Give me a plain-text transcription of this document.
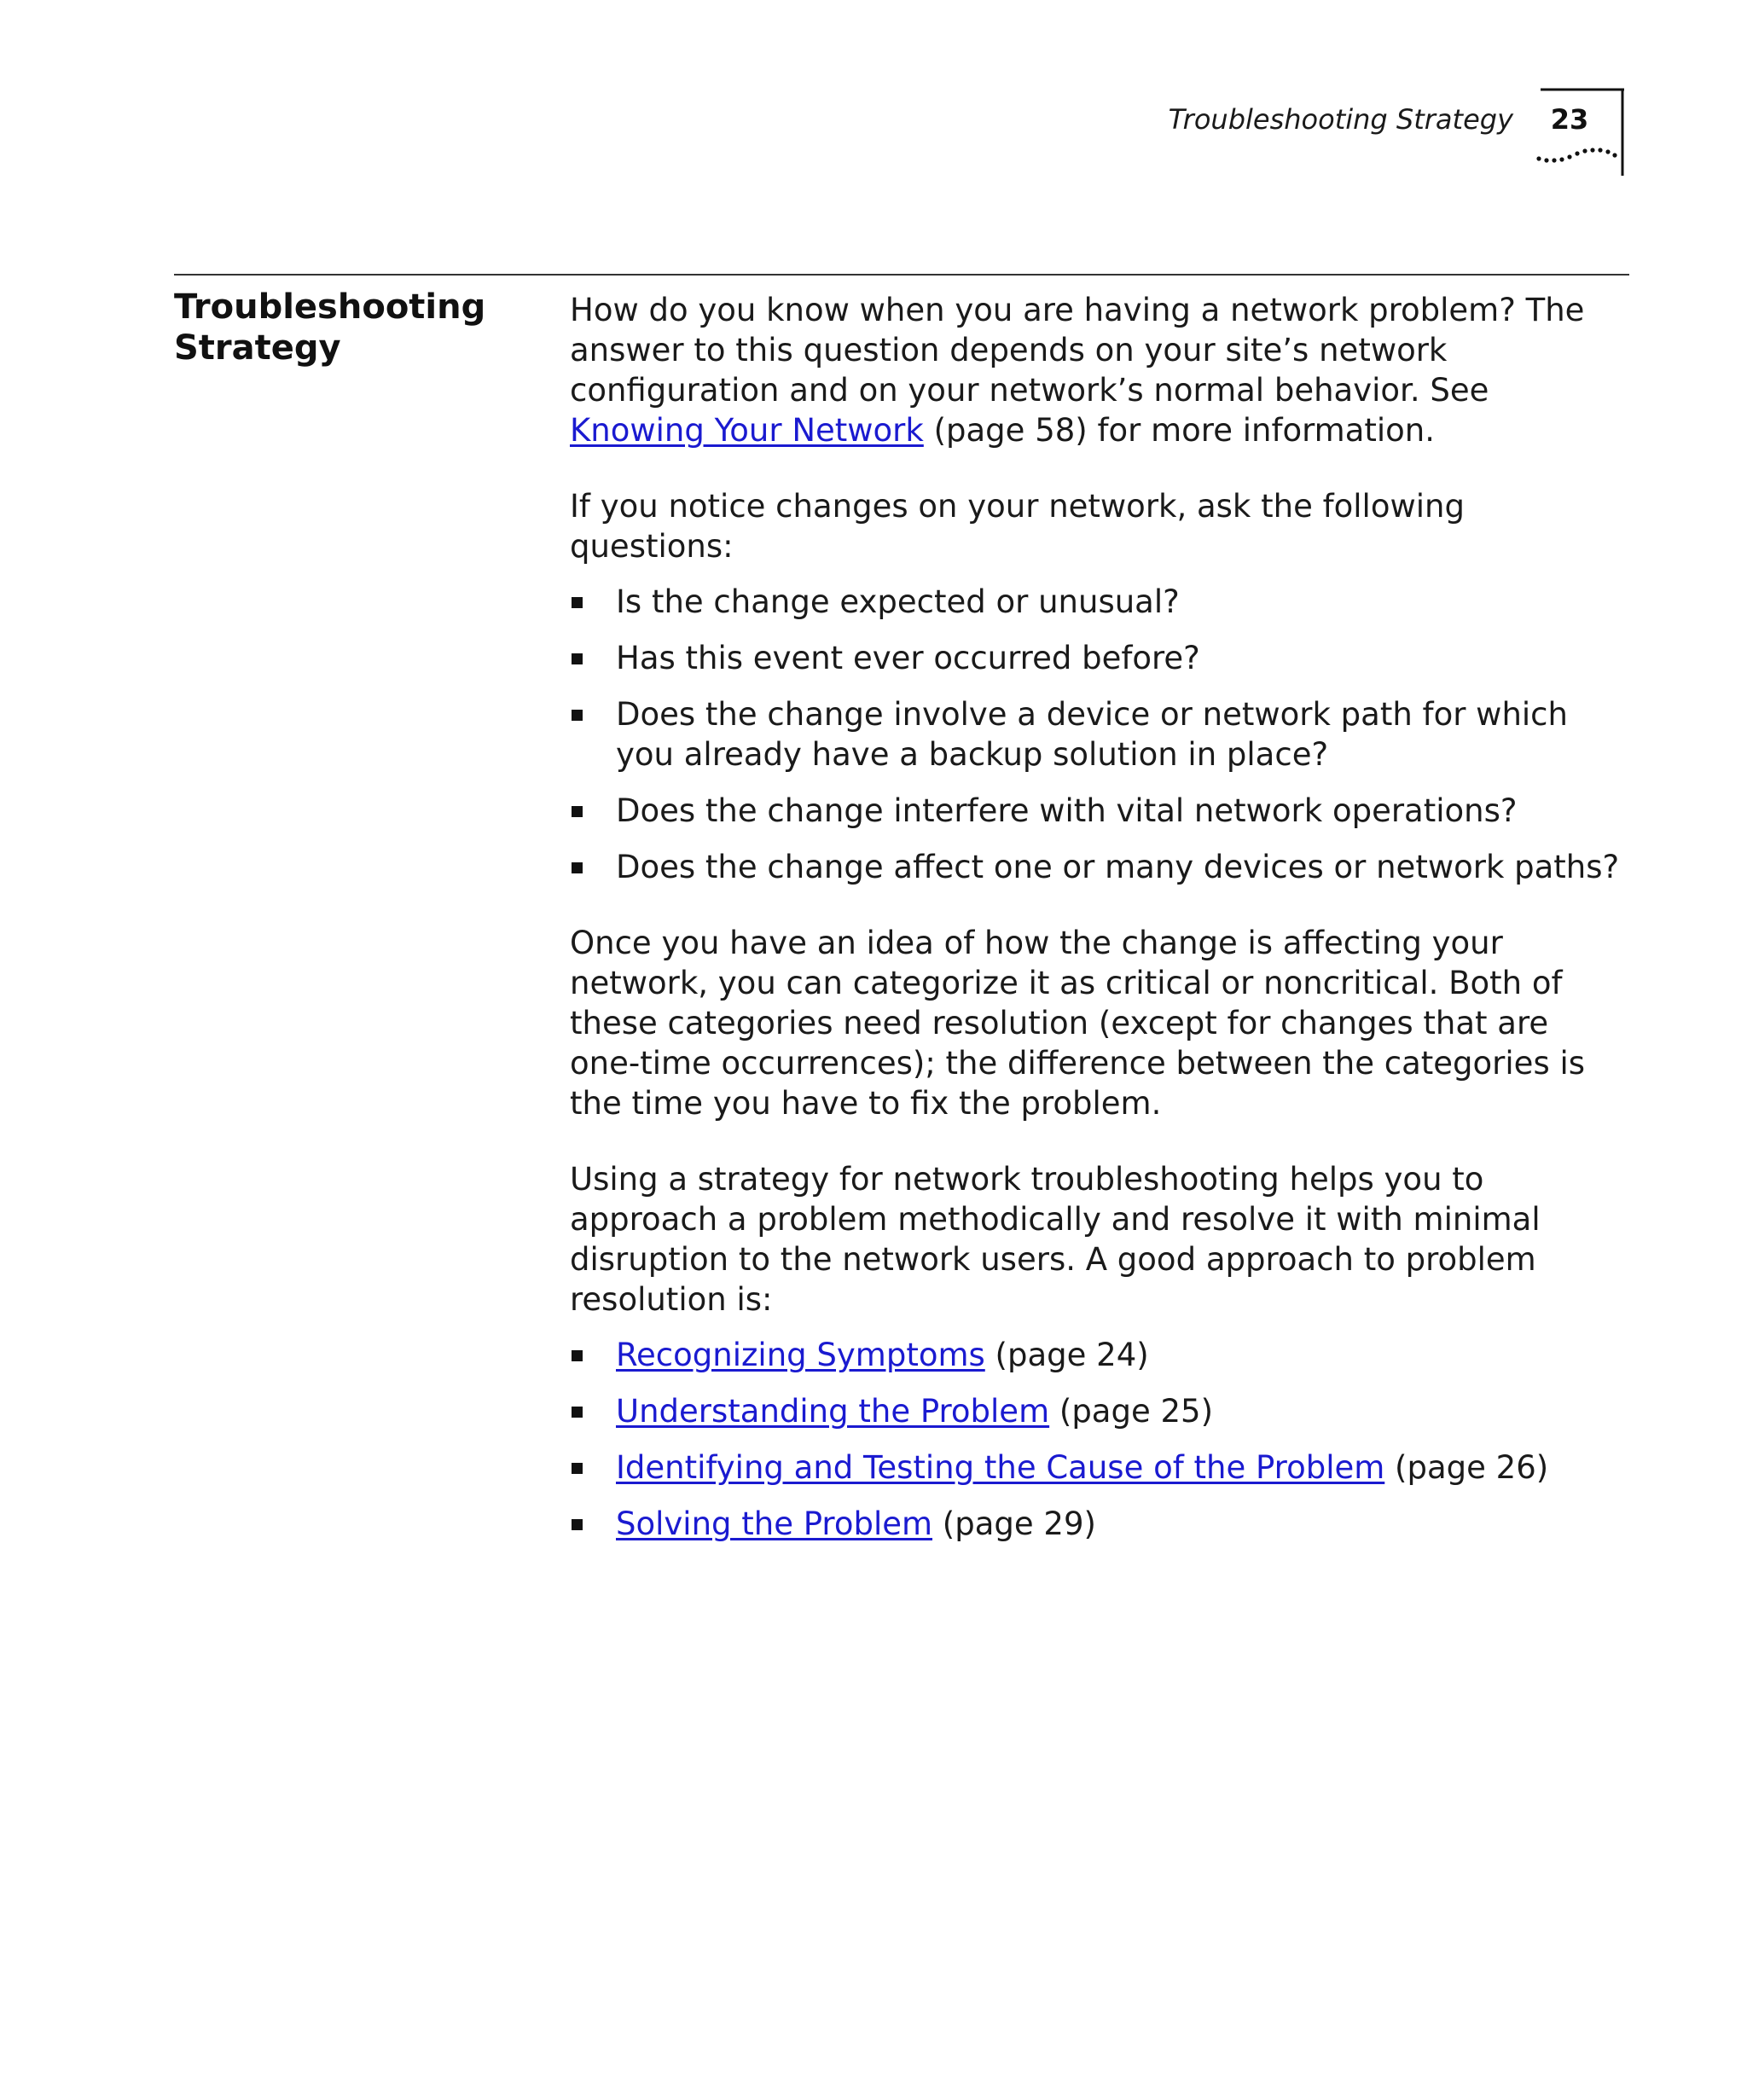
Troubleshooting Strategy	23
Troubleshooting
Strategy

How do you know when you are having a network problem? The answer to this question depends on your site’s network configuration and on your network’s normal behavior. See Knowing Your Network (page 58) for more information.

If you notice changes on your network, ask the following questions:

Is the change expected or unusual?
Has this event ever occurred before?
Does the change involve a device or network path for which you already have a backup solution in place?
Does the change interfere with vital network operations?
Does the change affect one or many devices or network paths?

Once you have an idea of how the change is affecting your network, you can categorize it as critical or noncritical. Both of these categories need resolution (except for changes that are one-time occurrences); the difference between the categories is the time you have to fix the problem.

Using a strategy for network troubleshooting helps you to approach a problem methodically and resolve it with minimal disruption to the network users. A good approach to problem resolution is:

Recognizing Symptoms (page 24)
Understanding the Problem (page 25)
Identifying and Testing the Cause of the Problem (page 26)
Solving the Problem (page 29)
